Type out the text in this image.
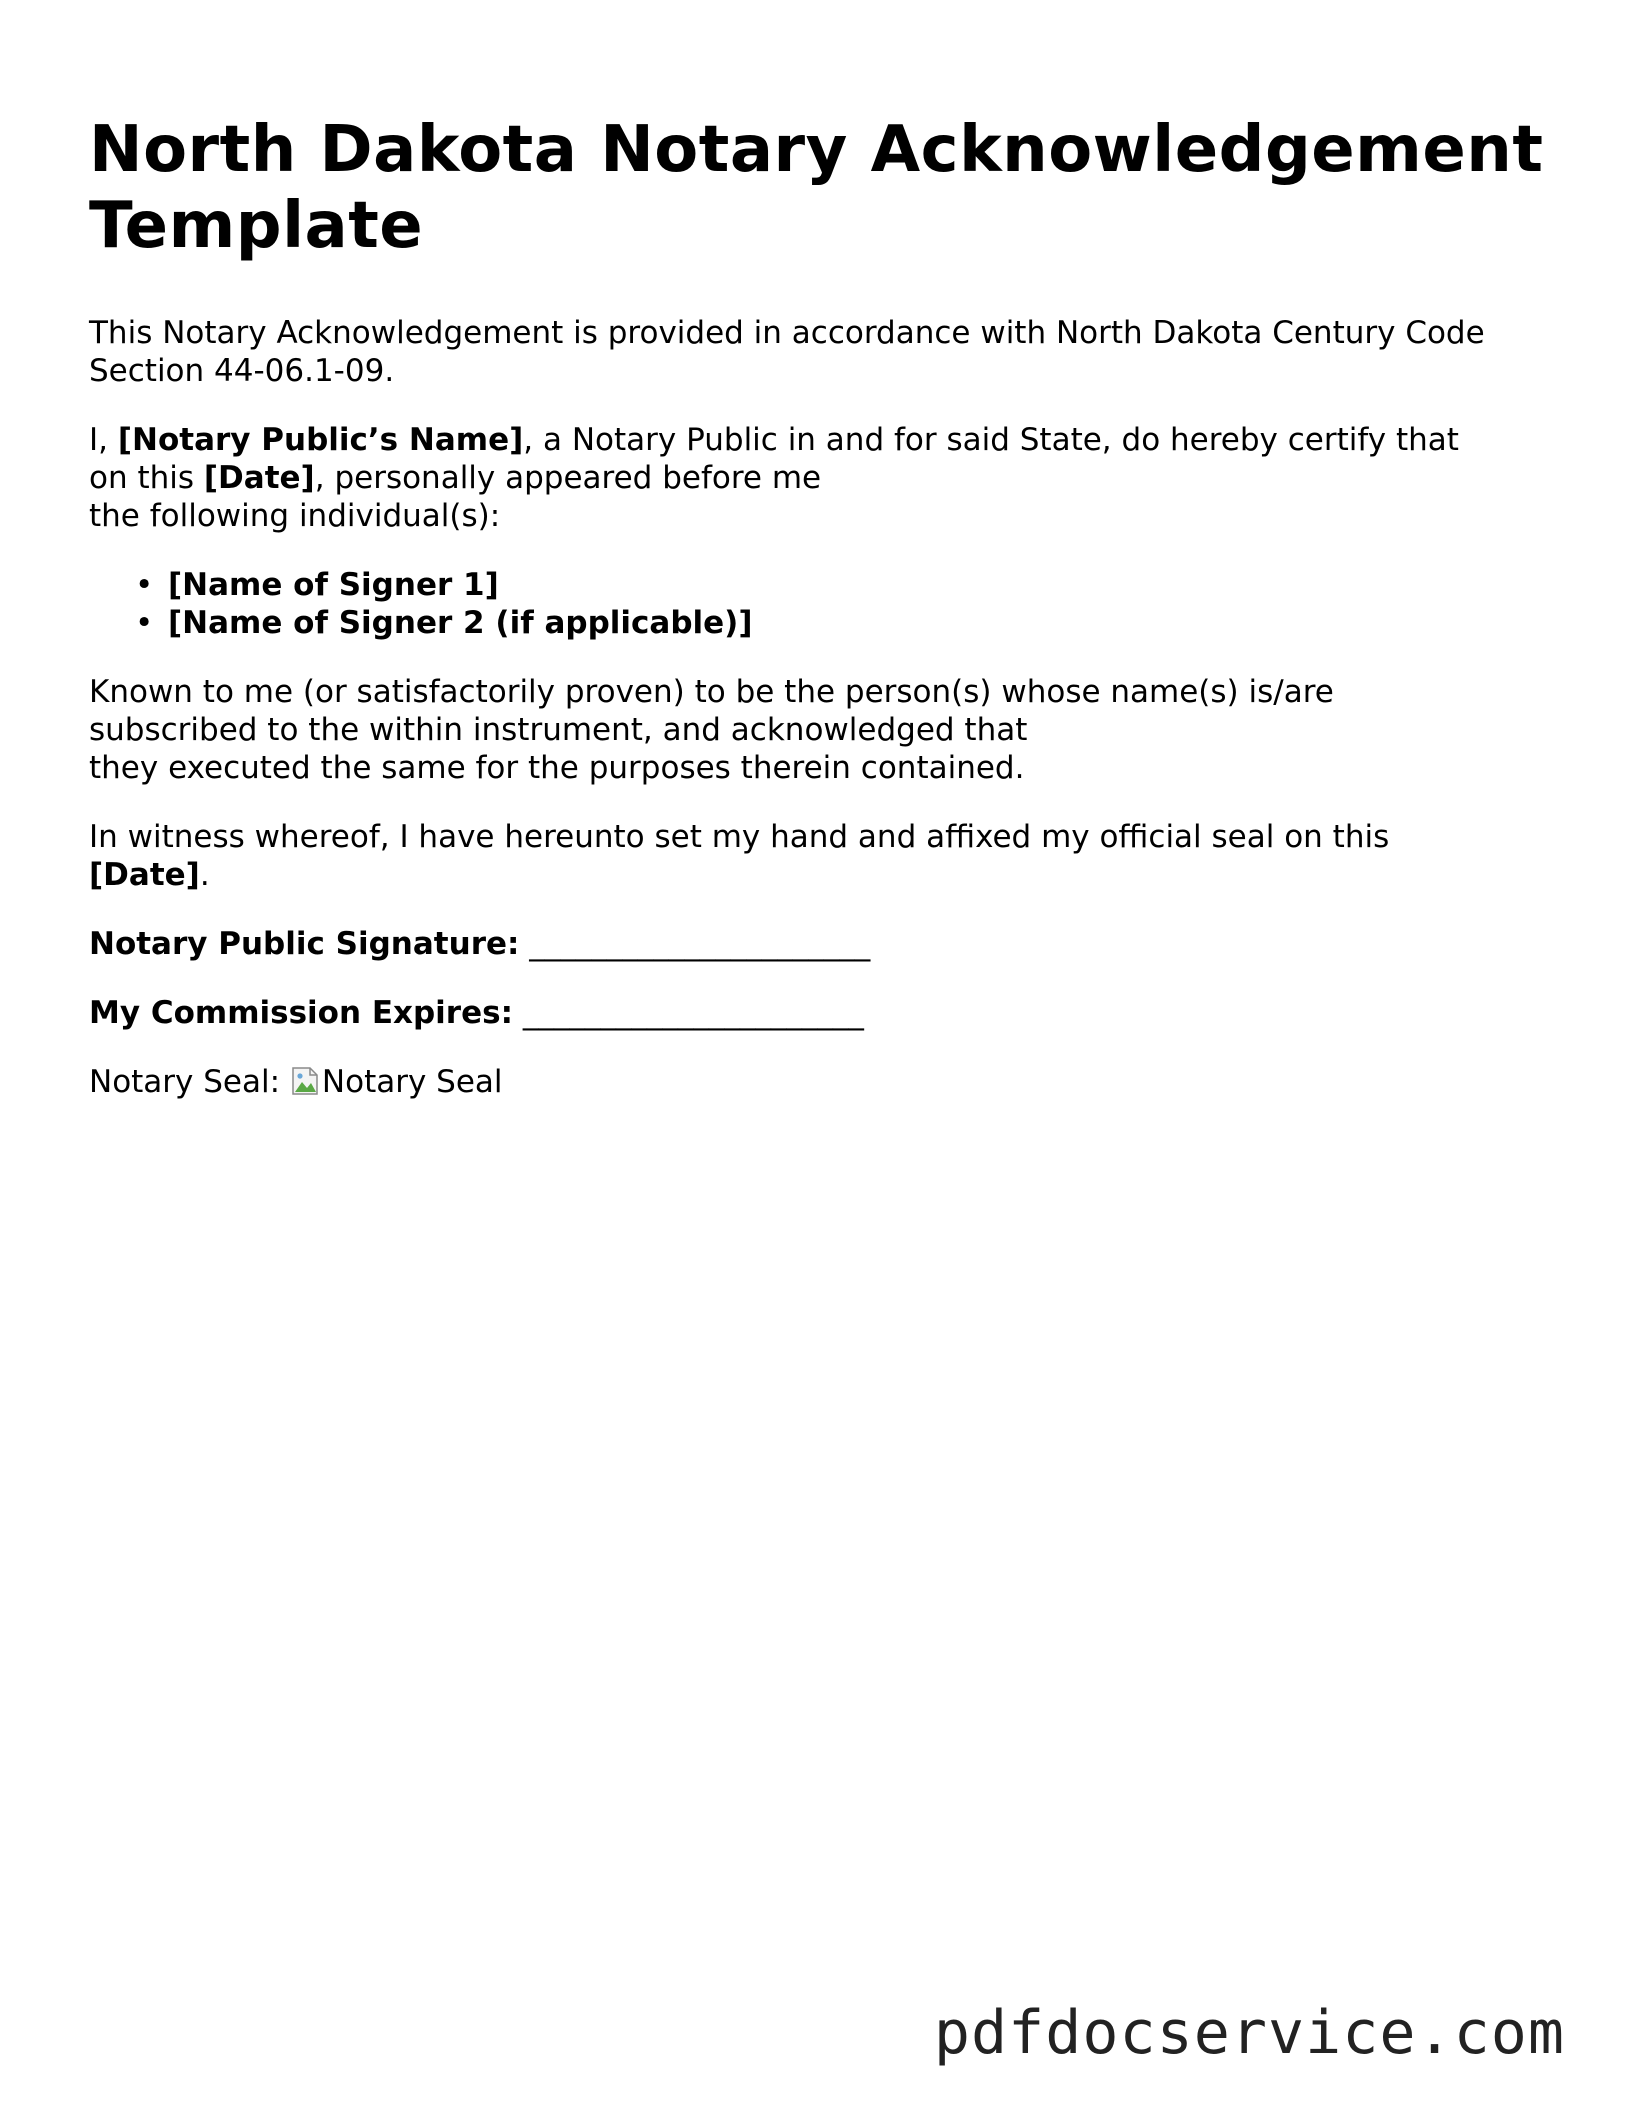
North Dakota Notary Acknowledgement
Template

This Notary Acknowledgement is provided in accordance with North Dakota Century Code
Section 44-06.1-09.

I, [Notary Public’s Name], a Notary Public in and for said State, do hereby certify that
on this [Date], personally appeared before me
the following individual(s):

• [Name of Signer 1]
• [Name of Signer 2 (if applicable)]

Known to me (or satisfactorily proven) to be the person(s) whose name(s) is/are
subscribed to the within instrument, and acknowledged that
they executed the same for the purposes therein contained.

In witness whereof, I have hereunto set my hand and affixed my official seal on this
[Date].

Notary Public Signature: ______________________

My Commission Expires: ______________________

Notary Seal: Notary Seal

pdfdocservice.com
